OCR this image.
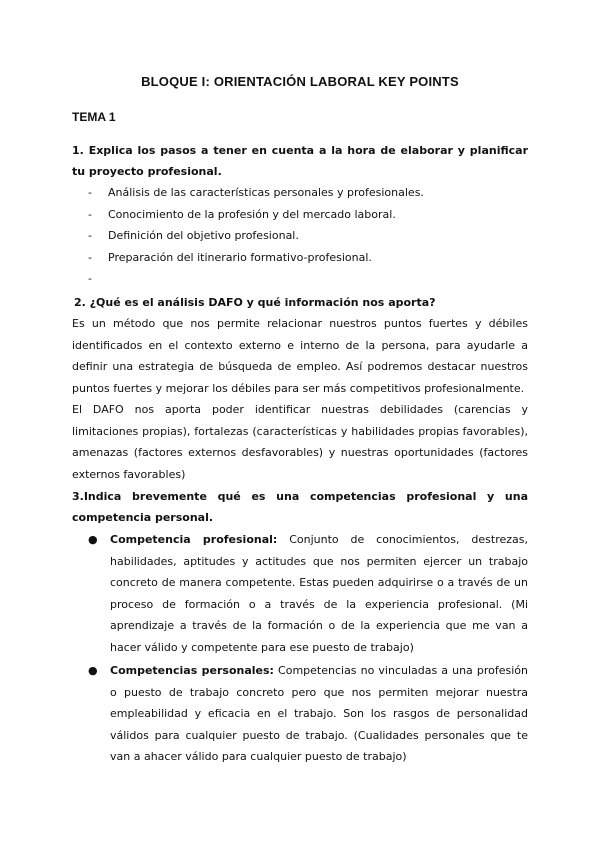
BLOQUE I: ORIENTACIÓN LABORAL KEY POINTS
TEMA 1
1. Explica los pasos a tener en cuenta a la hora de elaborar y planificar tu proyecto profesional.
- Análisis de las características personales y profesionales.
- Conocimiento de la profesión y del mercado laboral.
- Definición del objetivo profesional.
- Preparación del itinerario formativo-profesional.
-
2. ¿Qué es el análisis DAFO y qué información nos aporta?
Es un método que nos permite relacionar nuestros puntos fuertes y débiles identificados en el contexto externo e interno de la persona, para ayudarle a definir una estrategia de búsqueda de empleo. Así podremos destacar nuestros puntos fuertes y mejorar los débiles para ser más competitivos profesionalmente.
El DAFO nos aporta poder identificar nuestras debilidades (carencias y limitaciones propias), fortalezas (características y habilidades propias favorables), amenazas (factores externos desfavorables) y nuestras oportunidades (factores externos favorables)
3.Indica brevemente qué es una competencias profesional y una competencia personal.
● Competencia profesional: Conjunto de conocimientos, destrezas, habilidades, aptitudes y actitudes que nos permiten ejercer un trabajo concreto de manera competente. Estas pueden adquirirse o a través de un proceso de formación o a través de la experiencia profesional. (Mi aprendizaje a través de la formación o de la experiencia que me van a hacer válido y competente para ese puesto de trabajo)
● Competencias personales: Competencias no vinculadas a una profesión o puesto de trabajo concreto pero que nos permiten mejorar nuestra empleabilidad y eficacia en el trabajo. Son los rasgos de personalidad válidos para cualquier puesto de trabajo. (Cualidades personales que te van a ahacer válido para cualquier puesto de trabajo)
